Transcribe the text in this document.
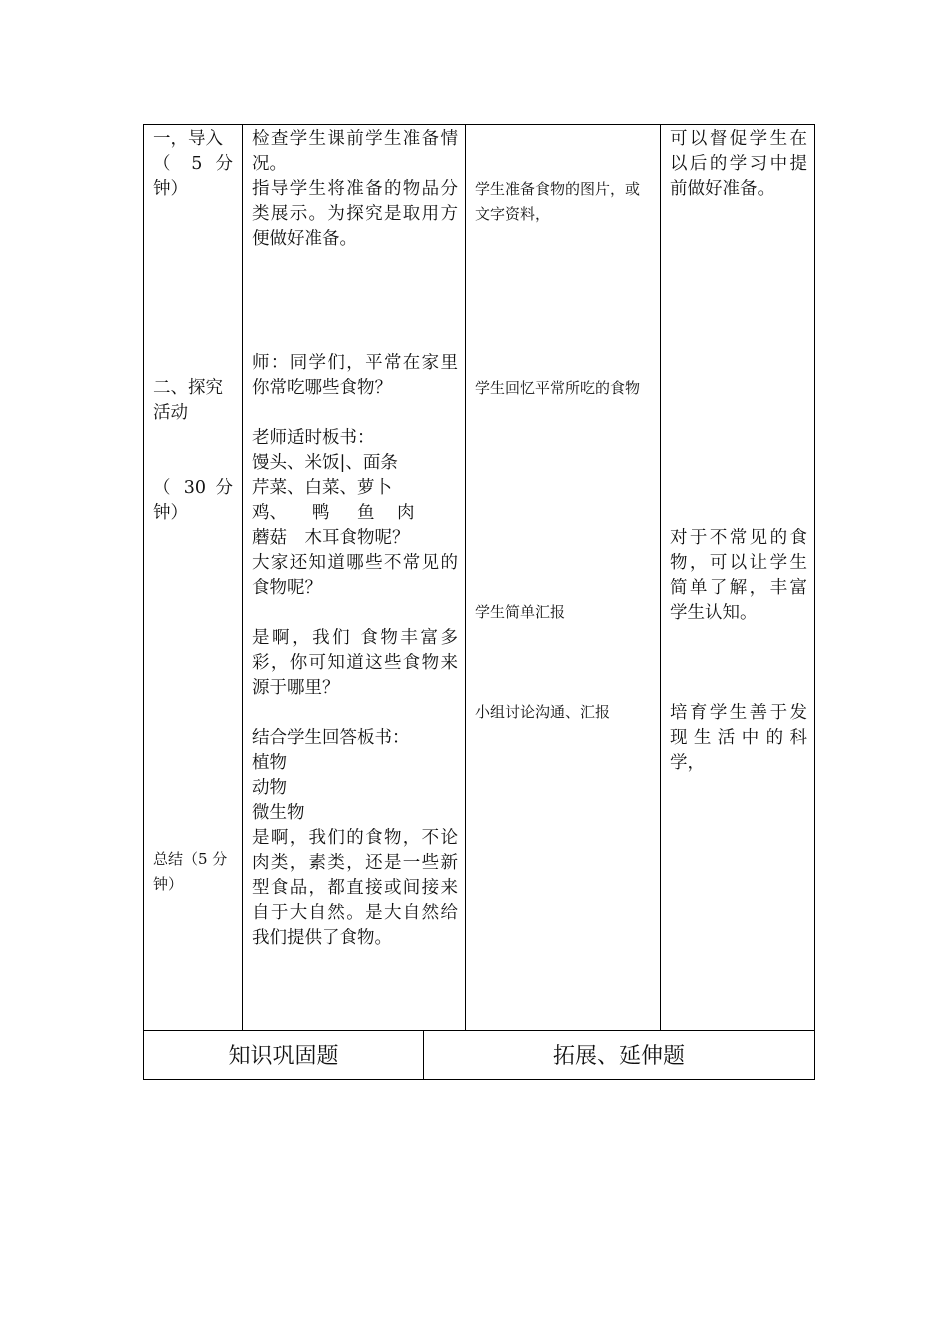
一，导入
（ 5 分
钟）
二、探究活动
（ 30 分
钟）
总结（5 分钟）
检查学生课前学生准备情况。
指导学生将准备的物品分类展示。为探究是取用方便做好准备。
师：同学们，平常在家里你常吃哪些食物？
老师适时板书：
馒头、米饭|、面条
芹菜、白菜、萝卜
鸡、 鸭 鱼 肉
蘑菇　木耳食物呢？
大家还知道哪些不常见的食物呢？
是啊，我们 食物丰富多彩，你可知道这些食物来源于哪里？
结合学生回答板书：
植物
动物
微生物
是啊，我们的食物，不论肉类，素类，还是一些新型食品，都直接或间接来自于大自然。是大自然给我们提供了食物。
学生准备食物的图片，或
文字资料，
学生回忆平常所吃的食物
学生简单汇报
小组讨论沟通、汇报
可以督促学生在以后的学习中提前做好准备。
对于不常见的食物，可以让学生简单了解，丰富学生认知。
培育学生善于发现生活中的科学，
知识巩固题	拓展、延伸题
